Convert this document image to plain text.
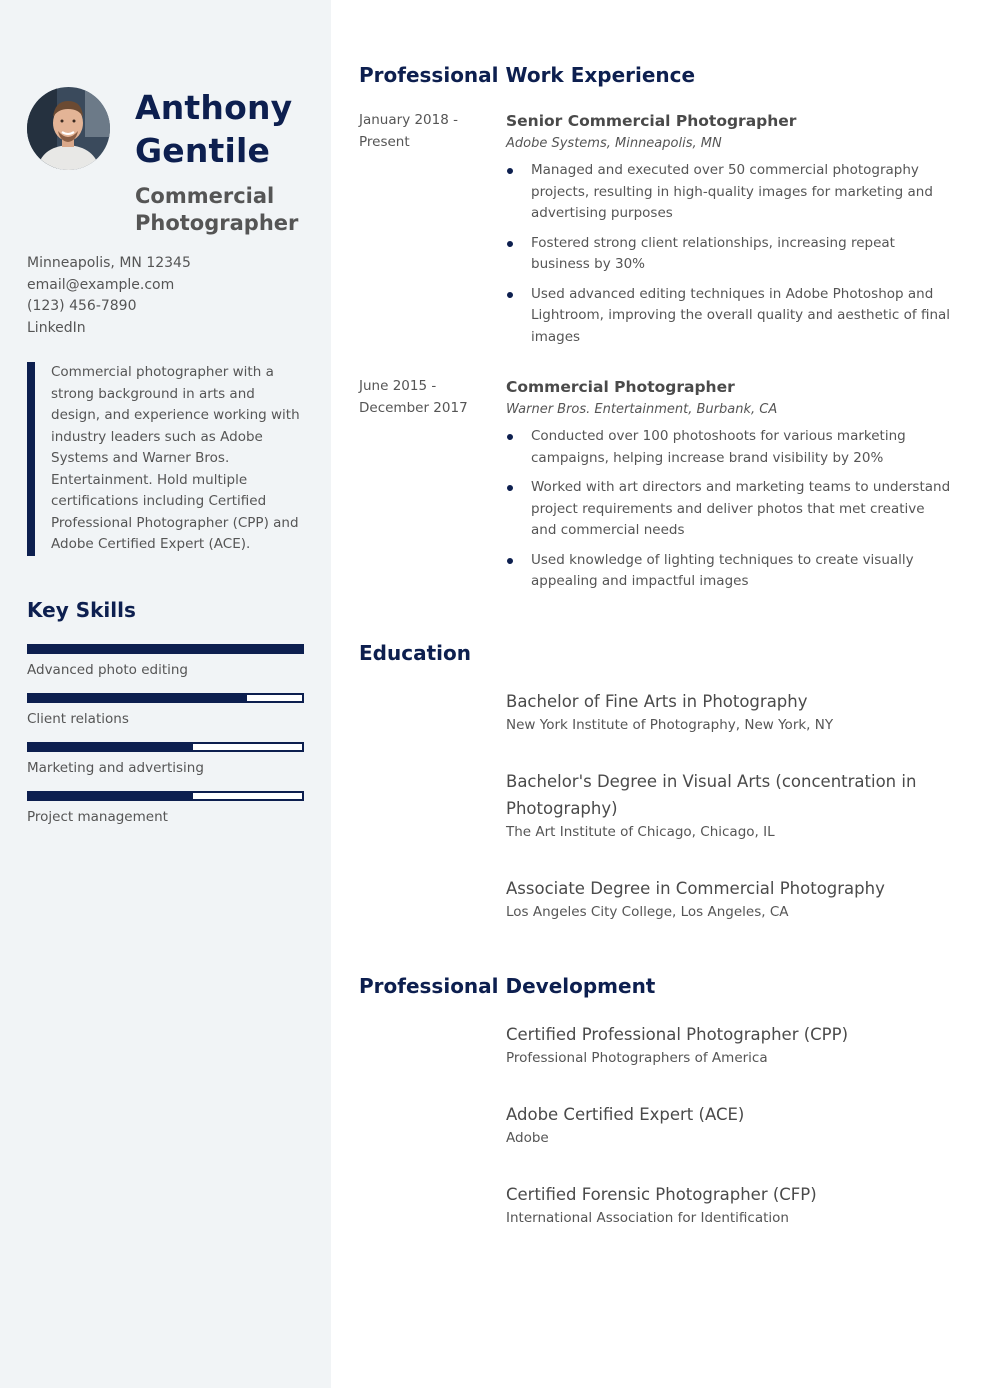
Anthony
Gentile
Commercial
Photographer
Minneapolis, MN 12345
email@example.com
(123) 456-7890
LinkedIn
Commercial photographer with a strong background in arts and design, and experience working with industry leaders such as Adobe Systems and Warner Bros. Entertainment. Hold multiple certifications including Certified Professional Photographer (CPP) and Adobe Certified Expert (ACE).
Key Skills
Advanced photo editing
Client relations
Marketing and advertising
Project management
Professional Work Experience
January 2018 -
Present
Senior Commercial Photographer
Adobe Systems, Minneapolis, MN
Managed and executed over 50 commercial photography projects, resulting in high-quality images for marketing and advertising purposes
Fostered strong client relationships, increasing repeat business by 30%
Used advanced editing techniques in Adobe Photoshop and Lightroom, improving the overall quality and aesthetic of final images
June 2015 -
December 2017
Commercial Photographer
Warner Bros. Entertainment, Burbank, CA
Conducted over 100 photoshoots for various marketing campaigns, helping increase brand visibility by 20%
Worked with art directors and marketing teams to understand project requirements and deliver photos that met creative and commercial needs
Used knowledge of lighting techniques to create visually appealing and impactful images
Education
Bachelor of Fine Arts in Photography
New York Institute of Photography, New York, NY
Bachelor's Degree in Visual Arts (concentration in Photography)
The Art Institute of Chicago, Chicago, IL
Associate Degree in Commercial Photography
Los Angeles City College, Los Angeles, CA
Professional Development
Certified Professional Photographer (CPP)
Professional Photographers of America
Adobe Certified Expert (ACE)
Adobe
Certified Forensic Photographer (CFP)
International Association for Identification
